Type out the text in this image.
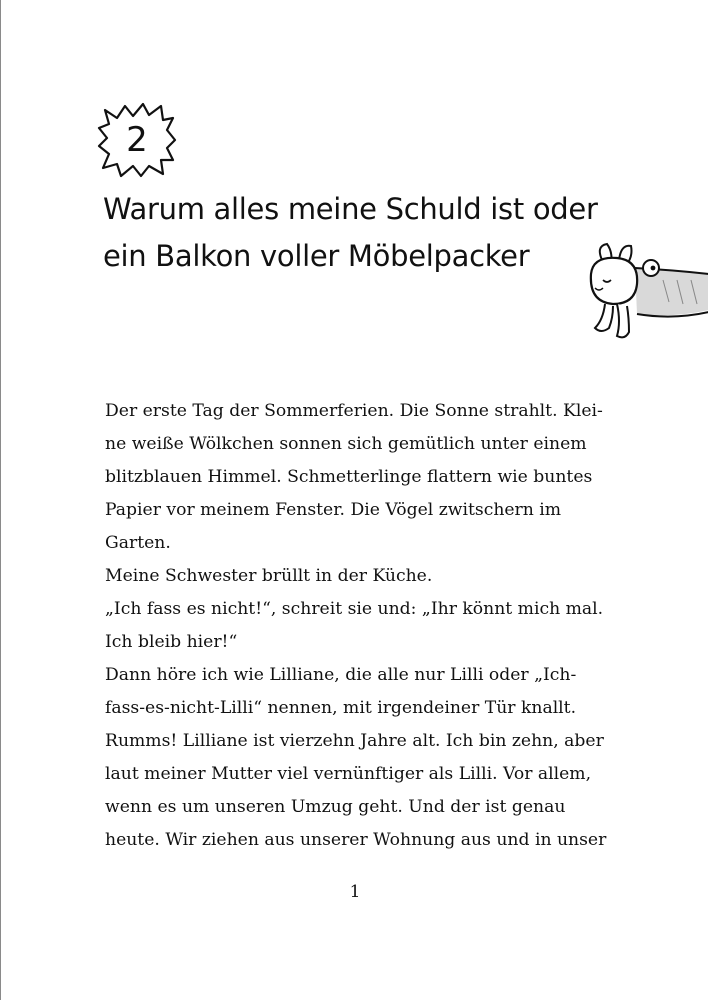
2
Warum alles meine Schuld ist oder
ein Balkon voller Möbelpacker
Der erste Tag der Sommerferien. Die Sonne strahlt. Klei-
ne weiße Wölkchen sonnen sich gemütlich unter einem
blitzblauen Himmel. Schmetterlinge flattern wie buntes
Papier vor meinem Fenster. Die Vögel zwitschern im
Garten.
Meine Schwester brüllt in der Küche.
„Ich fass es nicht!“, schreit sie und: „Ihr könnt mich mal.
Ich bleib hier!“
Dann höre ich wie Lilliane, die alle nur Lilli oder „Ich-
fass-es-nicht-Lilli“ nennen, mit irgendeiner Tür knallt.
Rumms! Lilliane ist vierzehn Jahre alt. Ich bin zehn, aber
laut meiner Mutter viel vernünftiger als Lilli. Vor allem,
wenn es um unseren Umzug geht. Und der ist genau
heute. Wir ziehen aus unserer Wohnung aus und in unser
1
